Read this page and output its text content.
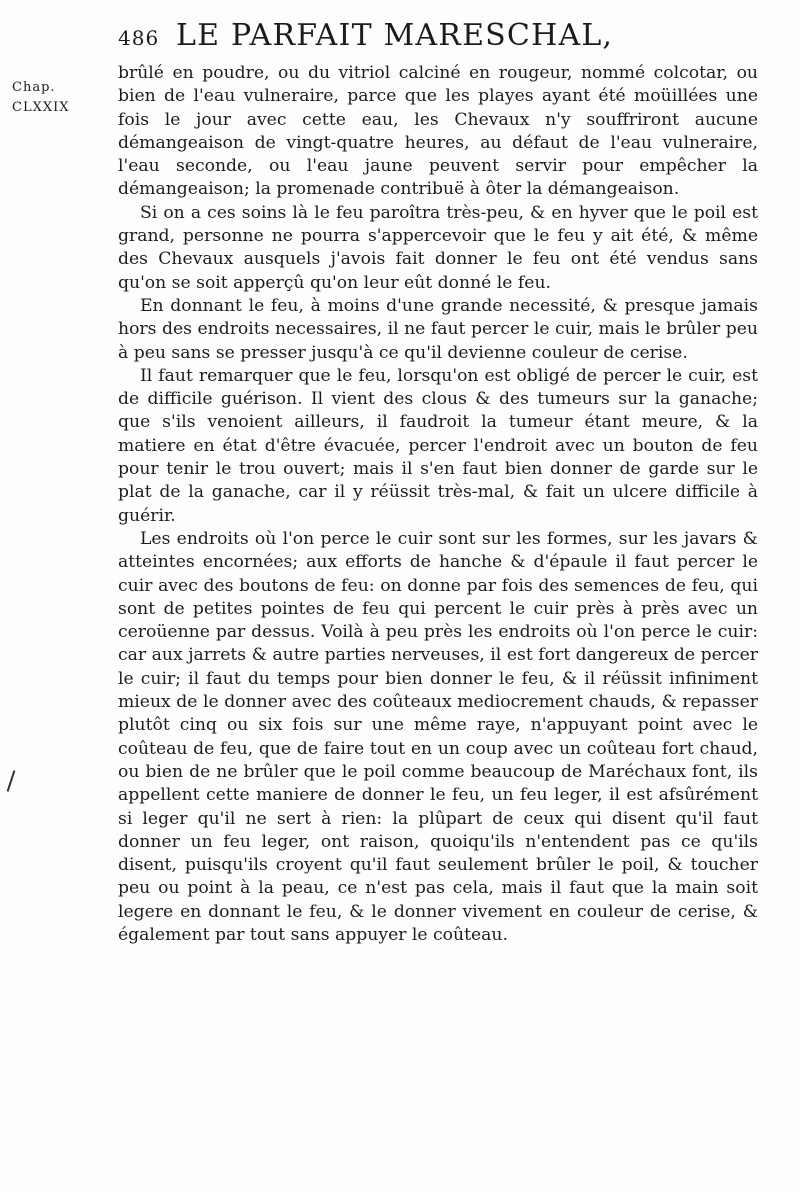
486 LE PARFAIT MARESCHAL,
Chap.
CLXXIX

brûlé en poudre, ou du vitriol calciné en rougeur, nommé colcotar, ou bien de l'eau vulneraire, parce que les playes ayant été moüillées une fois le jour avec cette eau, les Chevaux n'y souffriront aucune démangeaison de vingt-quatre heures, au défaut de l'eau vulneraire, l'eau seconde, ou l'eau jaune peuvent servir pour empêcher la démangeaison; la promenade contribuë à ôter la démangeaison.

Si on a ces soins là le feu paroîtra très-peu, & en hyver que le poil est grand, personne ne pourra s'appercevoir que le feu y ait été, & même des Chevaux ausquels j'avois fait donner le feu ont été vendus sans qu'on se soit apperçû qu'on leur eût donné le feu.

En donnant le feu, à moins d'une grande necessité, & presque jamais hors des endroits necessaires, il ne faut percer le cuir, mais le brûler peu à peu sans se presser jusqu'à ce qu'il devienne couleur de cerise.

Il faut remarquer que le feu, lorsqu'on est obligé de percer le cuir, est de difficile guérison. Il vient des clous & des tumeurs sur la ganache; que s'ils venoient ailleurs, il faudroit la tumeur étant meure, & la matiere en état d'être évacuée, percer l'endroit avec un bouton de feu pour tenir le trou ouvert; mais il s'en faut bien donner de garde sur le plat de la ganache, car il y réüssit très-mal, & fait un ulcere difficile à guérir.

Les endroits où l'on perce le cuir sont sur les formes, sur les javars & atteintes encornées; aux efforts de hanche & d'épaule il faut percer le cuir avec des boutons de feu: on donne par fois des semences de feu, qui sont de petites pointes de feu qui percent le cuir près à près avec un ceroüenne par dessus. Voilà à peu près les endroits où l'on perce le cuir: car aux jarrets & autre parties nerveuses, il est fort dangereux de percer le cuir; il faut du temps pour bien donner le feu, & il réüssit infiniment mieux de le donner avec des coûteaux mediocrement chauds, & repasser plutôt cinq ou six fois sur une même raye, n'appuyant point avec le coûteau de feu, que de faire tout en un coup avec un coûteau fort chaud, ou bien de ne brûler que le poil comme beaucoup de Maréchaux font, ils appellent cette maniere de donner le feu, un feu leger, il est afsûrément si leger qu'il ne sert à rien: la plûpart de ceux qui disent qu'il faut donner un feu leger, ont raison, quoiqu'ils n'entendent pas ce qu'ils disent, puisqu'ils croyent qu'il faut seulement brûler le poil, & toucher peu ou point à la peau, ce n'est pas cela, mais il faut que la main soit legere en donnant le feu, & le donner vivement en couleur de cerise, & également par tout sans appuyer le coûteau.
